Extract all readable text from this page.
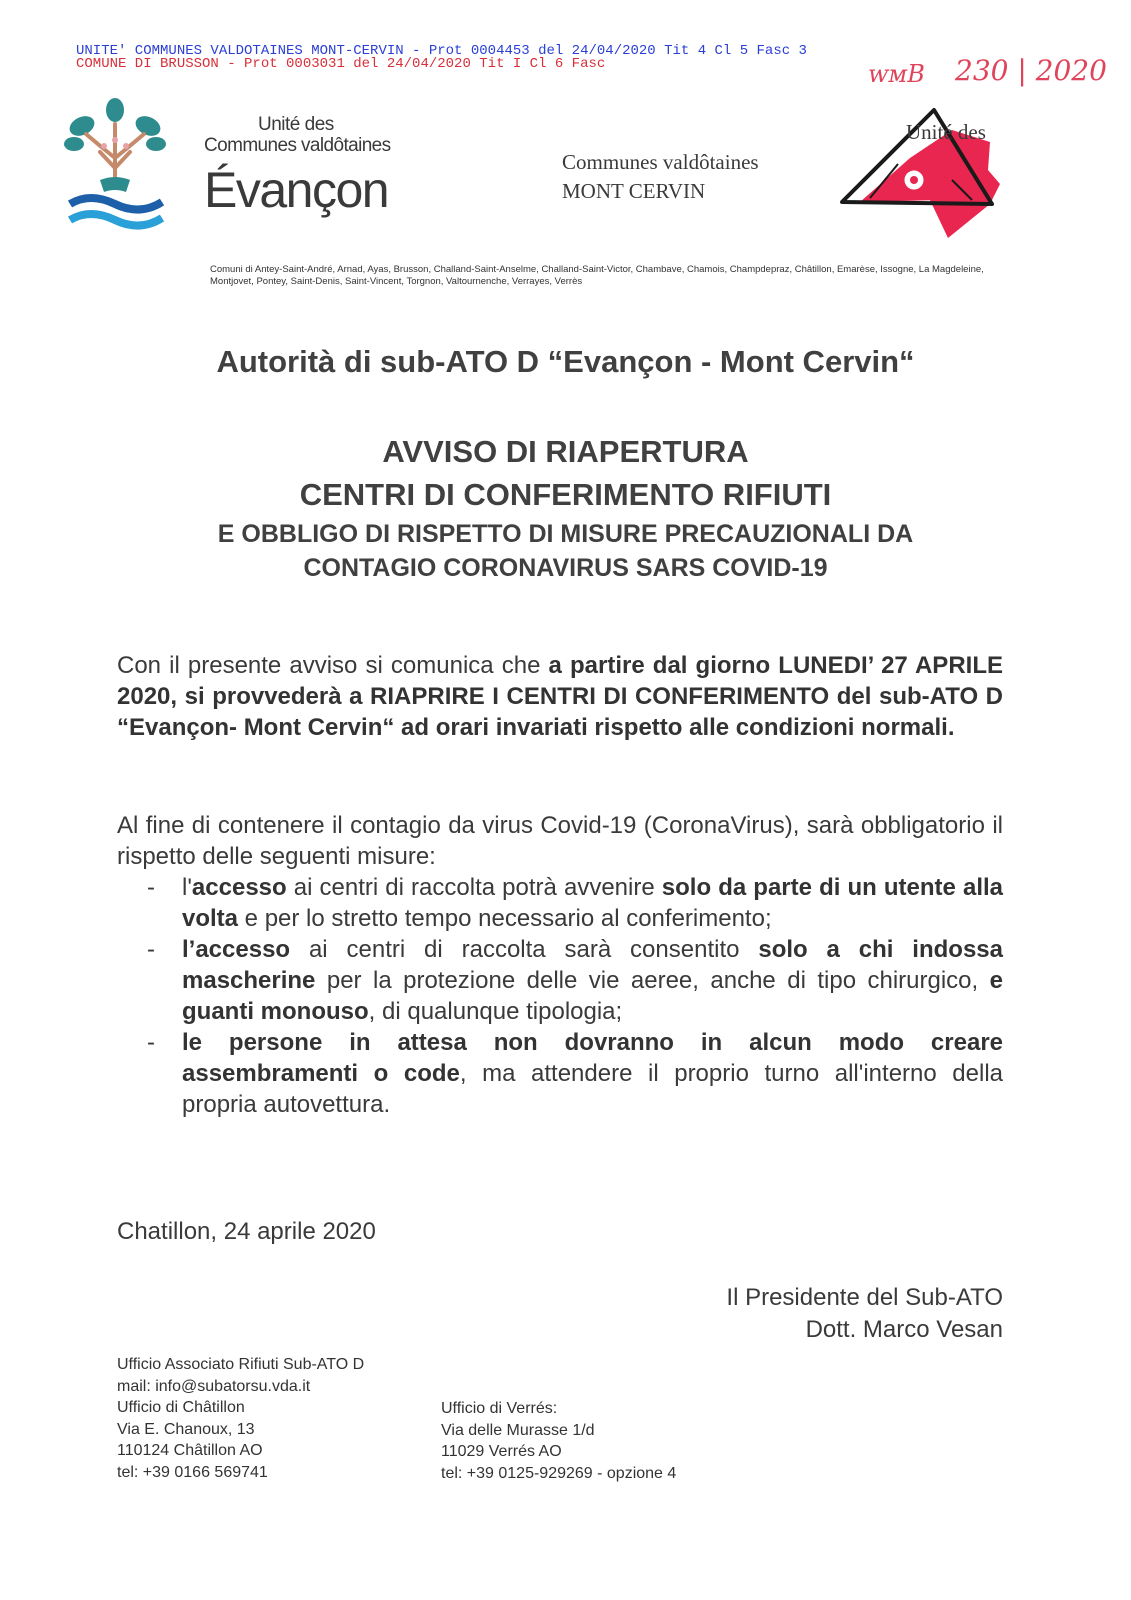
UNITE' COMMUNES VALDOTAINES MONT-CERVIN - Prot 0004453 del 24/04/2020 Tit 4 Cl 5 Fasc 3
COMUNE DI BRUSSON - Prot 0003031 del 24/04/2020 Tit I Cl 6 Fasc	ᴡᴍB 230 | 2020
Unité des
Communes valdôtaines
Évançon	Communes valdôtaines
MONT CERVIN
Unité des
Comuni di Antey-Saint-André, Arnad, Ayas, Brusson, Challand-Saint-Anselme, Challand-Saint-Victor, Chambave, Chamois, Champdepraz, Châtillon, Emarèse, Issogne, La Magdeleine, Montjovet, Pontey, Saint-Denis, Saint-Vincent, Torgnon, Valtournenche, Verrayes, Verrès
Autorità di sub-ATO D “Evançon - Mont Cervin“
AVVISO DI RIAPERTURA
CENTRI DI CONFERIMENTO RIFIUTI
E OBBLIGO DI RISPETTO DI MISURE PRECAUZIONALI DA
CONTAGIO CORONAVIRUS SARS COVID-19
Con il presente avviso si comunica che a partire dal giorno LUNEDI’ 27 APRILE 2020, si provvederà a RIAPRIRE I CENTRI DI CONFERIMENTO del sub-ATO D “Evançon- Mont Cervin“ ad orari invariati rispetto alle condizioni normali.
Al fine di contenere il contagio da virus Covid-19 (CoronaVirus), sarà obbligatorio il rispetto delle seguenti misure:
- l'accesso ai centri di raccolta potrà avvenire solo da parte di un utente alla volta e per lo stretto tempo necessario al conferimento;
- l’accesso ai centri di raccolta sarà consentito solo a chi indossa mascherine per la protezione delle vie aeree, anche di tipo chirurgico, e guanti monouso, di qualunque tipologia;
- le persone in attesa non dovranno in alcun modo creare assembramenti o code, ma attendere il proprio turno all'interno della propria autovettura.
Chatillon, 24 aprile 2020
Il Presidente del Sub-ATO
Dott. Marco Vesan
Ufficio Associato Rifiuti Sub-ATO D
mail: info@subatorsu.vda.it
Ufficio di Châtillon
Via E. Chanoux, 13
110124 Châtillon AO
tel: +39 0166 569741
Ufficio di Verrés:
Via delle Murasse 1/d
11029 Verrés AO
tel: +39 0125-929269 - opzione 4
